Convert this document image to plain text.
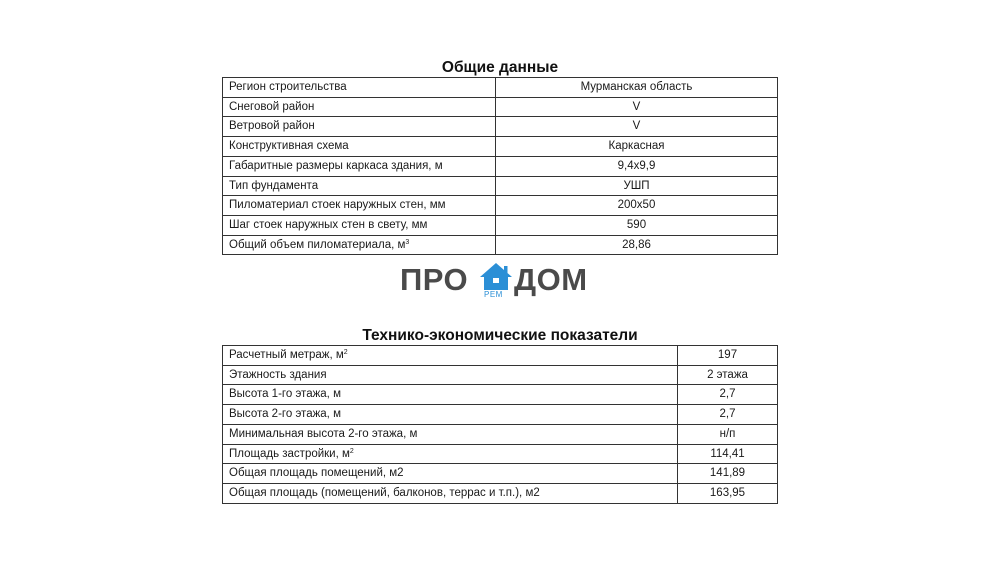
Общие данные
Регион строительства	Мурманская область
Снеговой район	V
Ветровой район	V
Конструктивная схема	Каркасная
Габаритные размеры каркаса здания, м	9,4х9,9
Тип фундамента	УШП
Пиломатериал стоек наружных стен, мм	200х50
Шаг стоек наружных стен в свету, мм	590
Общий объем пиломатериала, $м^3$	28,86
ПРО РЕМ ДОМ
Технико-экономические показатели
Расчетный метраж, $м^2$	197
Этажность здания	2 этажа
Высота 1-го этажа, м	2,7
Высота 2-го этажа, м	2,7
Минимальная высота 2-го этажа, м	н/п
Площадь застройки, $м^2$	114,41
Общая площадь помещений, м2	141,89
Общая площадь (помещений, балконов, террас и т.п.), м2	163,95
